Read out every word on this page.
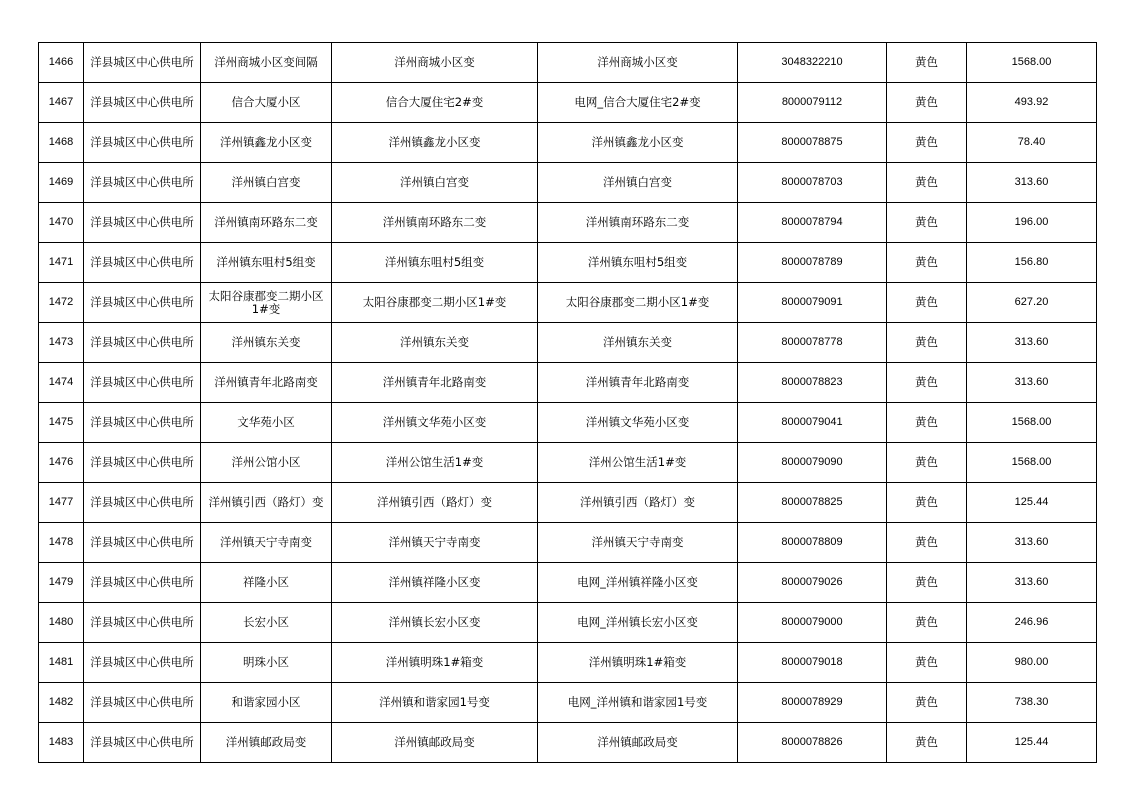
1466	洋县城区中心供电所	洋州商城小区变间隔	洋州商城小区变	洋州商城小区变	3048322210	黄色	1568.00
1467	洋县城区中心供电所	信合大厦小区	信合大厦住宅2#变	电网_信合大厦住宅2#变	8000079112	黄色	493.92
1468	洋县城区中心供电所	洋州镇鑫龙小区变	洋州镇鑫龙小区变	洋州镇鑫龙小区变	8000078875	黄色	78.40
1469	洋县城区中心供电所	洋州镇白宫变	洋州镇白宫变	洋州镇白宫变	8000078703	黄色	313.60
1470	洋县城区中心供电所	洋州镇南环路东二变	洋州镇南环路东二变	洋州镇南环路东二变	8000078794	黄色	196.00
1471	洋县城区中心供电所	洋州镇东咀村5组变	洋州镇东咀村5组变	洋州镇东咀村5组变	8000078789	黄色	156.80
1472	洋县城区中心供电所	太阳谷康郡变二期小区1#变	太阳谷康郡变二期小区1#变	太阳谷康郡变二期小区1#变	8000079091	黄色	627.20
1473	洋县城区中心供电所	洋州镇东关变	洋州镇东关变	洋州镇东关变	8000078778	黄色	313.60
1474	洋县城区中心供电所	洋州镇青年北路南变	洋州镇青年北路南变	洋州镇青年北路南变	8000078823	黄色	313.60
1475	洋县城区中心供电所	文华苑小区	洋州镇文华苑小区变	洋州镇文华苑小区变	8000079041	黄色	1568.00
1476	洋县城区中心供电所	洋州公馆小区	洋州公馆生活1#变	洋州公馆生活1#变	8000079090	黄色	1568.00
1477	洋县城区中心供电所	洋州镇引西（路灯）变	洋州镇引西（路灯）变	洋州镇引西（路灯）变	8000078825	黄色	125.44
1478	洋县城区中心供电所	洋州镇天宁寺南变	洋州镇天宁寺南变	洋州镇天宁寺南变	8000078809	黄色	313.60
1479	洋县城区中心供电所	祥隆小区	洋州镇祥隆小区变	电网_洋州镇祥隆小区变	8000079026	黄色	313.60
1480	洋县城区中心供电所	长宏小区	洋州镇长宏小区变	电网_洋州镇长宏小区变	8000079000	黄色	246.96
1481	洋县城区中心供电所	明珠小区	洋州镇明珠1#箱变	洋州镇明珠1#箱变	8000079018	黄色	980.00
1482	洋县城区中心供电所	和谐家园小区	洋州镇和谐家园1号变	电网_洋州镇和谐家园1号变	8000078929	黄色	738.30
1483	洋县城区中心供电所	洋州镇邮政局变	洋州镇邮政局变	洋州镇邮政局变	8000078826	黄色	125.44
